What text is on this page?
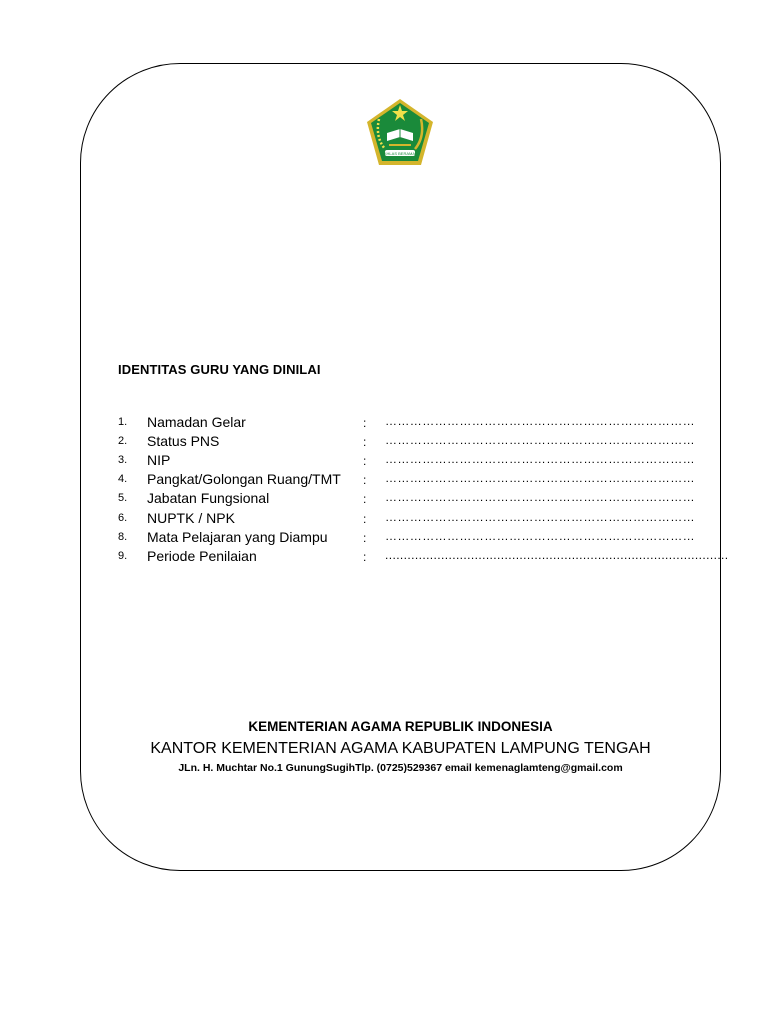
IKHLAS BERAMAL
IDENTITAS GURU YANG DINILAI
1. Namadan Gelar	: …………………………………………………………………
2. Status PNS	: …………………………………………………………………
3. NIP	: …………………………………………………………………
4. Pangkat/Golongan Ruang/TMT : …………………………………………………………………
5. Jabatan Fungsional	: …………………………………………………………………
6. NUPTK / NPK	: …………………………………………………………………
8. Mata Pelajaran yang Diampu	: …………………………………………………………………
9. Periode Penilaian	: ............................................................................................
KEMENTERIAN AGAMA REPUBLIK INDONESIA
KANTOR KEMENTERIAN AGAMA KABUPATEN LAMPUNG TENGAH
JLn. H. Muchtar No.1 GunungSugihTlp. (0725)529367 email kemenaglamteng@gmail.com
